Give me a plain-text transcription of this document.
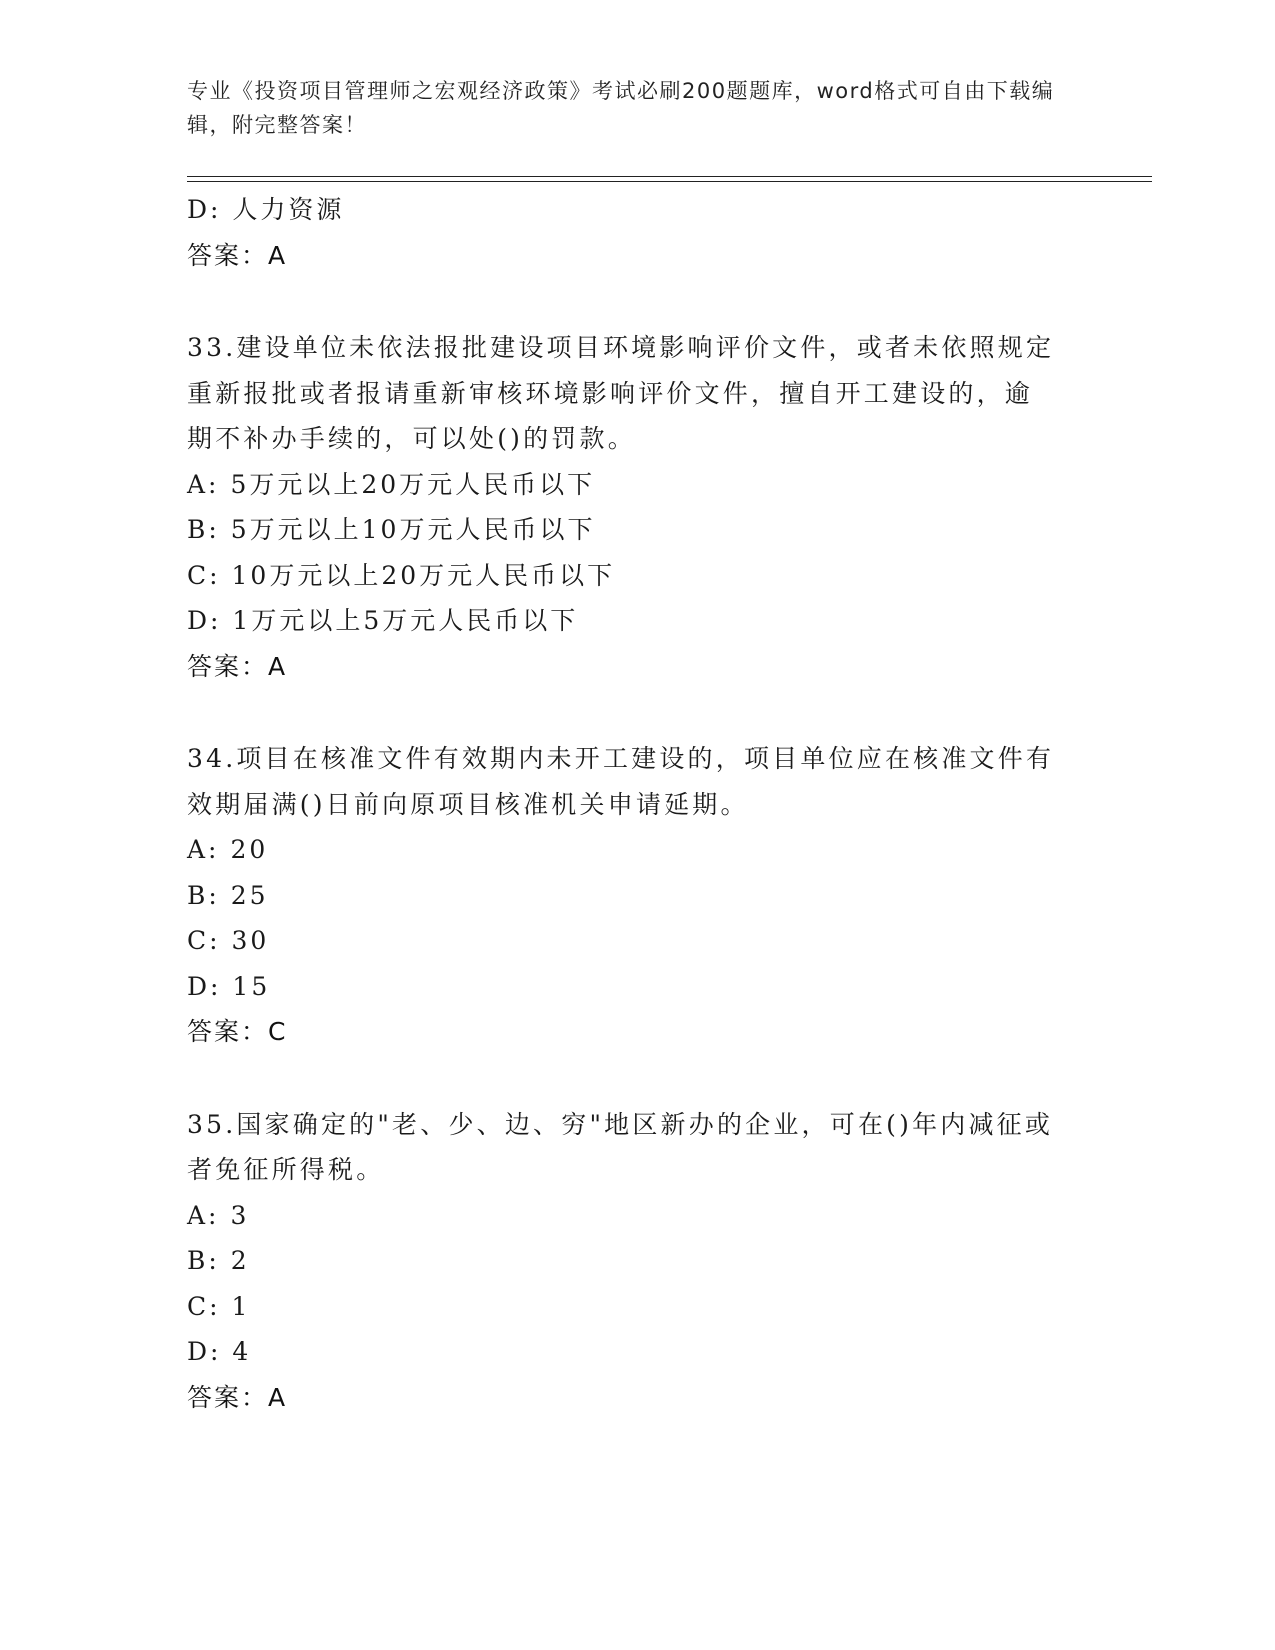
专业《投资项目管理师之宏观经济政策》考试必刷200题题库，word格式可自由下载编辑，附完整答案！
D: 人力资源
答案：A
33.建设单位未依法报批建设项目环境影响评价文件，或者未依照规定
重新报批或者报请重新审核环境影响评价文件，擅自开工建设的，逾
期不补办手续的，可以处()的罚款。
A: 5万元以上20万元人民币以下
B: 5万元以上10万元人民币以下
C: 10万元以上20万元人民币以下
D: 1万元以上5万元人民币以下
答案：A
34.项目在核准文件有效期内未开工建设的，项目单位应在核准文件有
效期届满()日前向原项目核准机关申请延期。
A: 20
B: 25
C: 30
D: 15
答案：C
35.国家确定的"老、少、边、穷"地区新办的企业，可在()年内减征或
者免征所得税。
A: 3
B: 2
C: 1
D: 4
答案：A
